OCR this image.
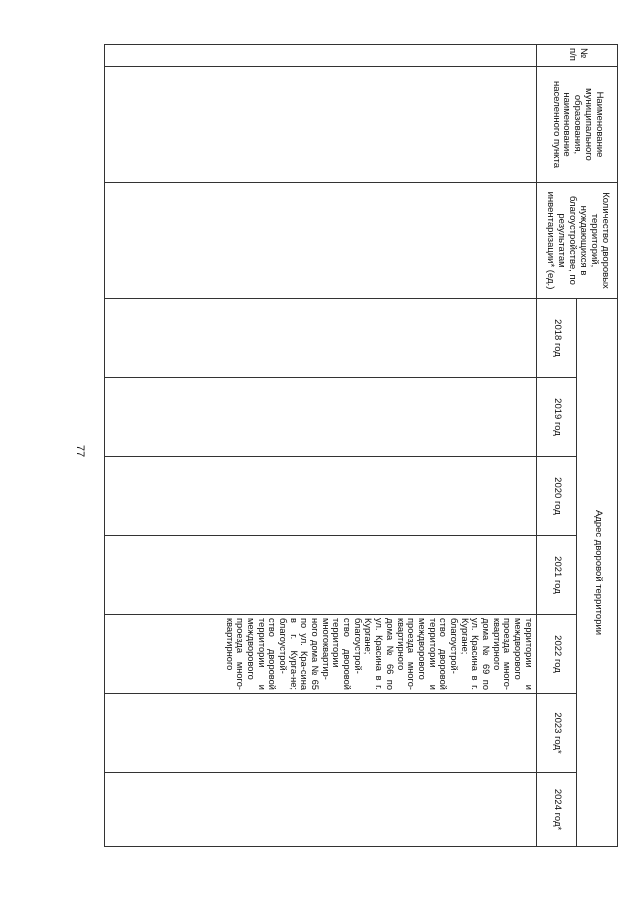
77
№ п/п	Наименование муниципального образования, наименование населенного пункта	Количество дворовых территорий, нуждающихся в благоустройстве, по результатам инвентаризации* (ед.)	Адрес дворовой территории						
			2018 год	2019 год	2020 год	2021 год	2022 год	2023 год*	2024 год*
							территории и междворового проезда много-квартирного дома № 69 по ул. Красина в г. Кургане; благоустрой-ство дворовой территории и междворового проезда много-квартирного дома № 66 по ул. Красина в г. Кургане; благоустрой-ство дворовой территории многоквартир-ного дома № 65 по ул. Кра-сина в г. Курга-не; благоустрой-ство дворовой территории и междворового проезда много-квартирного		
